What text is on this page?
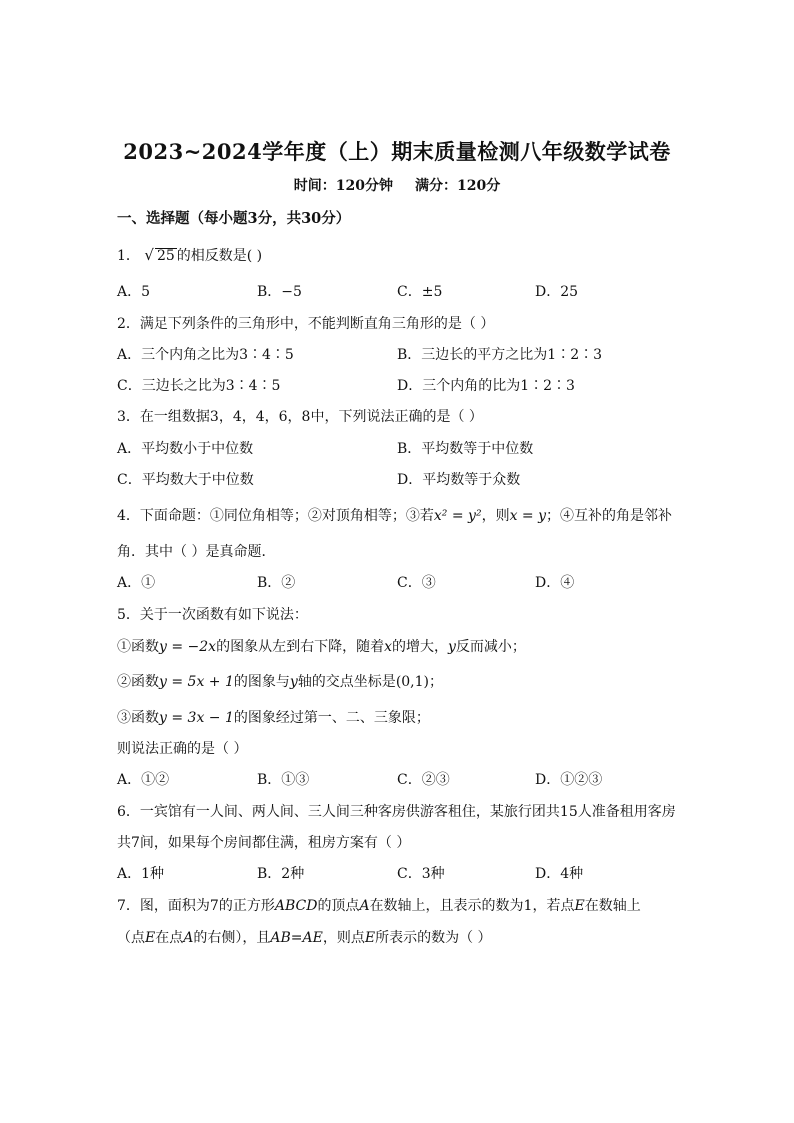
2023~2024学年度（上）期末质量检测八年级数学试卷
时间：120分钟 满分：120分
一、选择题（每小题3分，共30分）
1． √ 25 的相反数是( )
A．5	B．−5	C．±5	D．25
2．满足下列条件的三角形中，不能判断直角三角形的是（ ）
A．三个内角之比为3∶4∶5	B．三边长的平方之比为1∶2∶3
C．三边长之比为3∶4∶5	D．三个内角的比为1∶2∶3
3．在一组数据3，4，4，6，8中，下列说法正确的是（ ）
A．平均数小于中位数	B．平均数等于中位数
C．平均数大于中位数	D．平均数等于众数
4．下面命题：①同位角相等；②对顶角相等；③若x² = y²，则x = y；④互补的角是邻补
角．其中（ ）是真命题．
A．①	B．②	C．③	D．④
5．关于一次函数有如下说法：
①函数y = −2x的图象从左到右下降，随着x的增大，y反而减小；
②函数y = 5x + 1的图象与y轴的交点坐标是(0,1)；
③函数y = 3x − 1的图象经过第一、二、三象限；
则说法正确的是（ ）
A．①②	B．①③	C．②③	D．①②③
6．一宾馆有一人间、两人间、三人间三种客房供游客租住，某旅行团共15人准备租用客房
共7间，如果每个房间都住满，租房方案有（ ）
A．1种	B．2种	C．3种	D．4种
7．图，面积为7的正方形ABCD的顶点A在数轴上，且表示的数为1，若点E在数轴上
（点E在点A的右侧），且AB=AE，则点E所表示的数为（ ）
